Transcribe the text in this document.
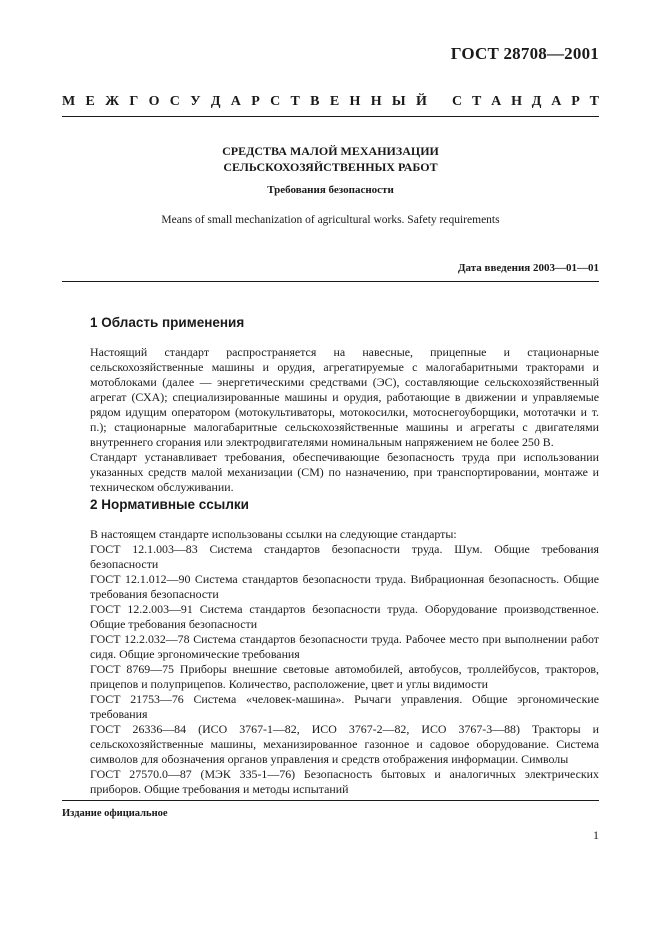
ГОСТ 28708—2001
М Е Ж Г О С У Д А Р С Т В Е Н Н Ы Й С Т А Н Д А Р Т
СРЕДСТВА МАЛОЙ МЕХАНИЗАЦИИ
СЕЛЬСКОХОЗЯЙСТВЕННЫХ РАБОТ
Требования безопасности
Means of small mechanization of agricultural works. Safety requirements
Дата введения 2003—01—01
1 Область применения

Настоящий стандарт распространяется на навесные, прицепные и стационарные сельскохозяйственные машины и орудия, агрегатируемые с малогабаритными тракторами и мотоблоками (далее — энергетическими средствами (ЭС), составляющие сельскохозяйственный агрегат (СХА); специализированные машины и орудия, работающие в движении и управляемые рядом идущим оператором (мотокультиваторы, мотокосилки, мотоснегоуборщики, мототачки и т. п.); стационарные малогабаритные сельскохозяйственные машины и агрегаты с двигателями внутреннего сгорания или электродвигателями номинальным напряжением не более 250 В.

Стандарт устанавливает требования, обеспечивающие безопасность труда при использовании указанных средств малой механизации (СМ) по назначению, при транспортировании, монтаже и техническом обслуживании.

2 Нормативные ссылки

В настоящем стандарте использованы ссылки на следующие стандарты:

ГОСТ 12.1.003—83 Система стандартов безопасности труда. Шум. Общие требования безопасности

ГОСТ 12.1.012—90 Система стандартов безопасности труда. Вибрационная безопасность. Общие требования безопасности

ГОСТ 12.2.003—91 Система стандартов безопасности труда. Оборудование производственное. Общие требования безопасности

ГОСТ 12.2.032—78 Система стандартов безопасности труда. Рабочее место при выполнении работ сидя. Общие эргономические требования

ГОСТ 8769—75 Приборы внешние световые автомобилей, автобусов, троллейбусов, тракторов, прицепов и полуприцепов. Количество, расположение, цвет и углы видимости

ГОСТ 21753—76 Система «человек-машина». Рычаги управления. Общие эргономические требования

ГОСТ 26336—84 (ИСО 3767-1—82, ИСО 3767-2—82, ИСО 3767-3—88) Тракторы и сельскохозяйственные машины, механизированное газонное и садовое оборудование. Система символов для обозначения органов управления и средств отображения информации. Символы

ГОСТ 27570.0—87 (МЭК 335-1—76) Безопасность бытовых и аналогичных электрических приборов. Общие требования и методы испытаний

Издание официальное
1
